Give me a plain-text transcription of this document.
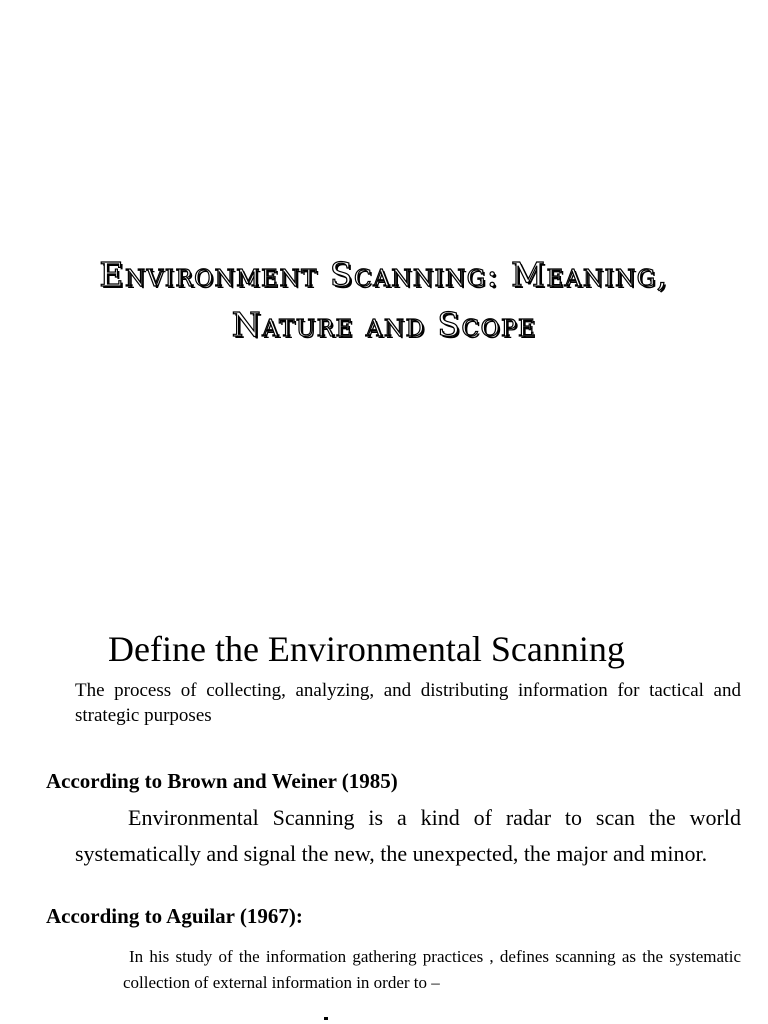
Environment Scanning: Meaning,
Nature and Scope
Define the Environmental Scanning

The process of collecting, analyzing, and distributing information for tactical and strategic purposes

According to Brown and Weiner (1985)

Environmental Scanning is a kind of radar to scan the world systematically and signal the new, the unexpected, the major and minor.

According to Aguilar (1967):

In his study of the information gathering practices , defines scanning as the systematic collection of external information in order to –
